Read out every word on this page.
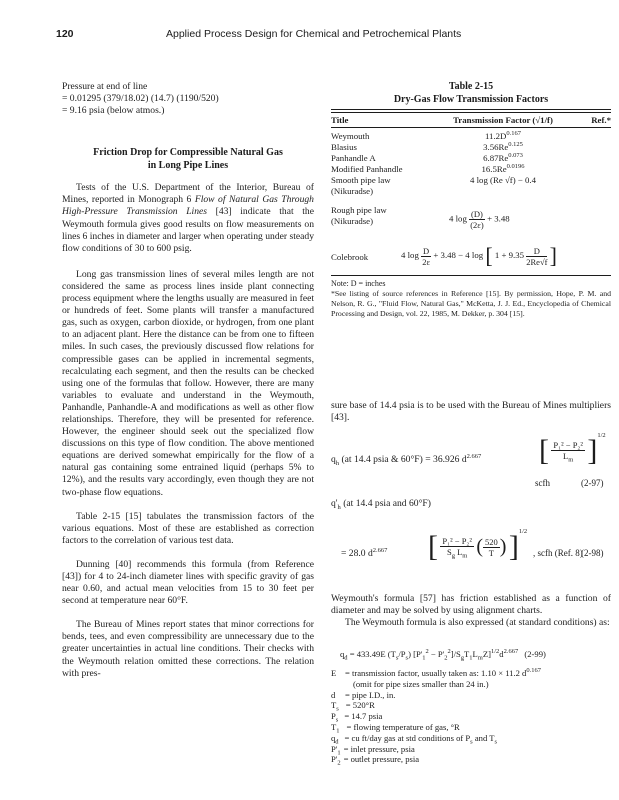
120	Applied Process Design for Chemical and Petrochemical Plants
Pressure at end of line
= 0.01295 (379/18.02) (14.7) (1190/520)
= 9.16 psia (below atmos.)
Friction Drop for Compressible Natural Gas
in Long Pipe Lines

Tests of the U.S. Department of the Interior, Bureau of Mines, reported in Monograph 6 Flow of Natural Gas Through High-Pressure Transmission Lines [43] indicate that the Weymouth formula gives good results on flow measurements on lines 6 inches in diameter and larger when operating under steady flow conditions of 30 to 600 psig.

Long gas transmission lines of several miles length are not considered the same as process lines inside plant connecting process equipment where the lengths usually are measured in feet or hundreds of feet. Some plants will transfer a manufactured gas, such as oxygen, carbon dioxide, or hydrogen, from one plant to an adjacent plant. Here the distance can be from one to fifteen miles. In such cases, the previously discussed flow relations for compressible gases can be applied in incremental segments, recalculating each segment, and then the results can be checked using one of the formulas that follow. However, there are many variables to evaluate and understand in the Weymouth, Panhandle, Panhandle-A and modifications as well as other flow relationships. Therefore, they will be presented for reference. However, the engineer should seek out the specialized flow discussions on this type of flow condition. The above mentioned equations are derived somewhat empirically for the flow of a natural gas containing some entrained liquid (perhaps 5% to 12%), and the results vary accordingly, even though they are not two-phase flow equations.

Table 2-15 [15] tabulates the transmission factors of the various equations. Most of these are established as correction factors to the correlation of various test data.

Dunning [40] recommends this formula (from Reference [43]) for 4 to 24-inch diameter lines with specific gravity of gas near 0.60, and actual mean velocities from 15 to 30 feet per second at temperature near 60°F.

The Bureau of Mines report states that minor corrections for bends, tees, and even compressibility are unnecessary due to the greater uncertainties in actual line conditions. Their checks with the Weymouth relation omitted these corrections. The relation with pres-

Table 2-15
Dry-Gas Flow Transmission Factors
Title	Transmission Factor (√1/f)	Ref.*
Weymouth	$11.2D^{0.167}$	
Blasius	$3.56Re^{0.125}$	
Panhandle A	$6.87Re^{0.073}$	
Modified Panhandle	$16.5Re^{0.0196}$	
Smooth pipe law	4 log (Re √f) − 0.4	
(Nikuradse)		
Rough pipe law
(Nikuradse)	4 $\log \frac{(D)}{(2\varepsilon)} + 3.48$
Colebrook	4 $\log \frac{D}{2\varepsilon} + 3.48 - 4$ log [ $1 + 9.35 \frac{D}{2Re√f}$ ]
Note: D = inches
*See listing of source references in Reference [15]. By permission, Hope, P. M. and Nelson, R. G., "Fluid Flow, Natural Gas," McKetta, J. J. Ed., Encyclopedia of Chemical Processing and Design, vol. 22, 1985, M. Dekker, p. 304 [15].

sure base of 14.4 psia is to be used with the Bureau of Mines multipliers [43].

$q_h$ (at 14.4 psia & 60°F) = 36.926 $d^{2.667}$ [ $\frac{\text{P₁² − P₂²}}{L_m} ]^{1/2}$
scfh	(2-97)
$q'_h$ (at 14.4 psia and 60°F)
= 28.0 $d^{2.667}$ [ $\frac{\text{P₁² − P₂²}}{S_g L_m}$ ( $\frac{520}{T}$ ) ]$^{1/2}$
, scfh (Ref. 8)
(2-98)

Weymouth's formula [57] has friction established as a function of diameter and may be solved by using alignment charts.

The Weymouth formula is also expressed (at standard conditions) as:

$q_d = 433.49E$ $(T_s/P_s) [P'_1^2 - P'_2^2]/S_gT_1L_mZ]^{1/2}d^{2.667}$ (2-99)
E = transmission factor, usually taken as: 1.10 × 11.2 $d^{0.167}$
(omit for pipe sizes smaller than 24 in.)
d = pipe I.D., in.
$T_s = 520^\circ R$
$P_s = 14.7$ psia
$T_1$ = flowing temperature of gas, °R
$q_d$ = cu ft/day gas at std conditions of $P_s$ and $T_s$
$P'_1$ = inlet pressure, psia
$P'_2$ = outlet pressure, psia
